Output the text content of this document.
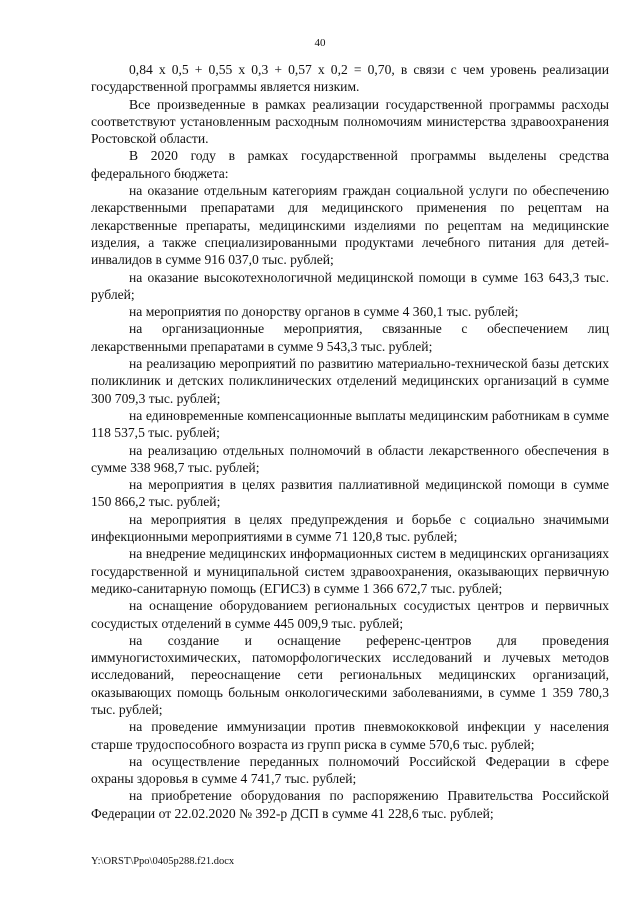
40

0,84 x 0,5 + 0,55 x 0,3 + 0,57 x 0,2 = 0,70, в связи с чем уровень реализации государственной программы является низким.

Все произведенные в рамках реализации государственной программы расходы соответствуют установленным расходным полномочиям министерства здравоохранения Ростовской области.

В 2020 году в рамках государственной программы выделены средства федерального бюджета:

на оказание отдельным категориям граждан социальной услуги по обеспечению лекарственными препаратами для медицинского применения по рецептам на лекарственные препараты, медицинскими изделиями по рецептам на медицинские изделия, а также специализированными продуктами лечебного питания для детей-инвалидов в сумме 916 037,0 тыс. рублей;

на оказание высокотехнологичной медицинской помощи в сумме 163 643,3 тыс. рублей;

на мероприятия по донорству органов в сумме 4 360,1 тыс. рублей;

на организационные мероприятия, связанные с обеспечением лиц лекарственными препаратами в сумме 9 543,3 тыс. рублей;

на реализацию мероприятий по развитию материально-технической базы детских поликлиник и детских поликлинических отделений медицинских организаций в сумме 300 709,3 тыс. рублей;

на единовременные компенсационные выплаты медицинским работникам в сумме 118 537,5 тыс. рублей;

на реализацию отдельных полномочий в области лекарственного обеспечения в сумме 338 968,7 тыс. рублей;

на мероприятия в целях развития паллиативной медицинской помощи в сумме 150 866,2 тыс. рублей;

на мероприятия в целях предупреждения и борьбе с социально значимыми инфекционными мероприятиями в сумме 71 120,8 тыс. рублей;

на внедрение медицинских информационных систем в медицинских организациях государственной и муниципальной систем здравоохранения, оказывающих первичную медико-санитарную помощь (ЕГИСЗ) в сумме 1 366 672,7 тыс. рублей;

на оснащение оборудованием региональных сосудистых центров и первичных сосудистых отделений в сумме 445 009,9 тыс. рублей;

на создание и оснащение референс-центров для проведения иммуногистохимических, патоморфологических исследований и лучевых методов исследований, переоснащение сети региональных медицинских организаций, оказывающих помощь больным онкологическими заболеваниями, в сумме 1 359 780,3 тыс. рублей;

на проведение иммунизации против пневмококковой инфекции у населения старше трудоспособного возраста из групп риска в сумме 570,6 тыс. рублей;

на осуществление переданных полномочий Российской Федерации в сфере охраны здоровья в сумме 4 741,7 тыс. рублей;

на приобретение оборудования по распоряжению Правительства Российской Федерации от 22.02.2020 № 392-р ДСП в сумме 41 228,6 тыс. рублей;

Y:\ORST\Ppo\0405p288.f21.docx
